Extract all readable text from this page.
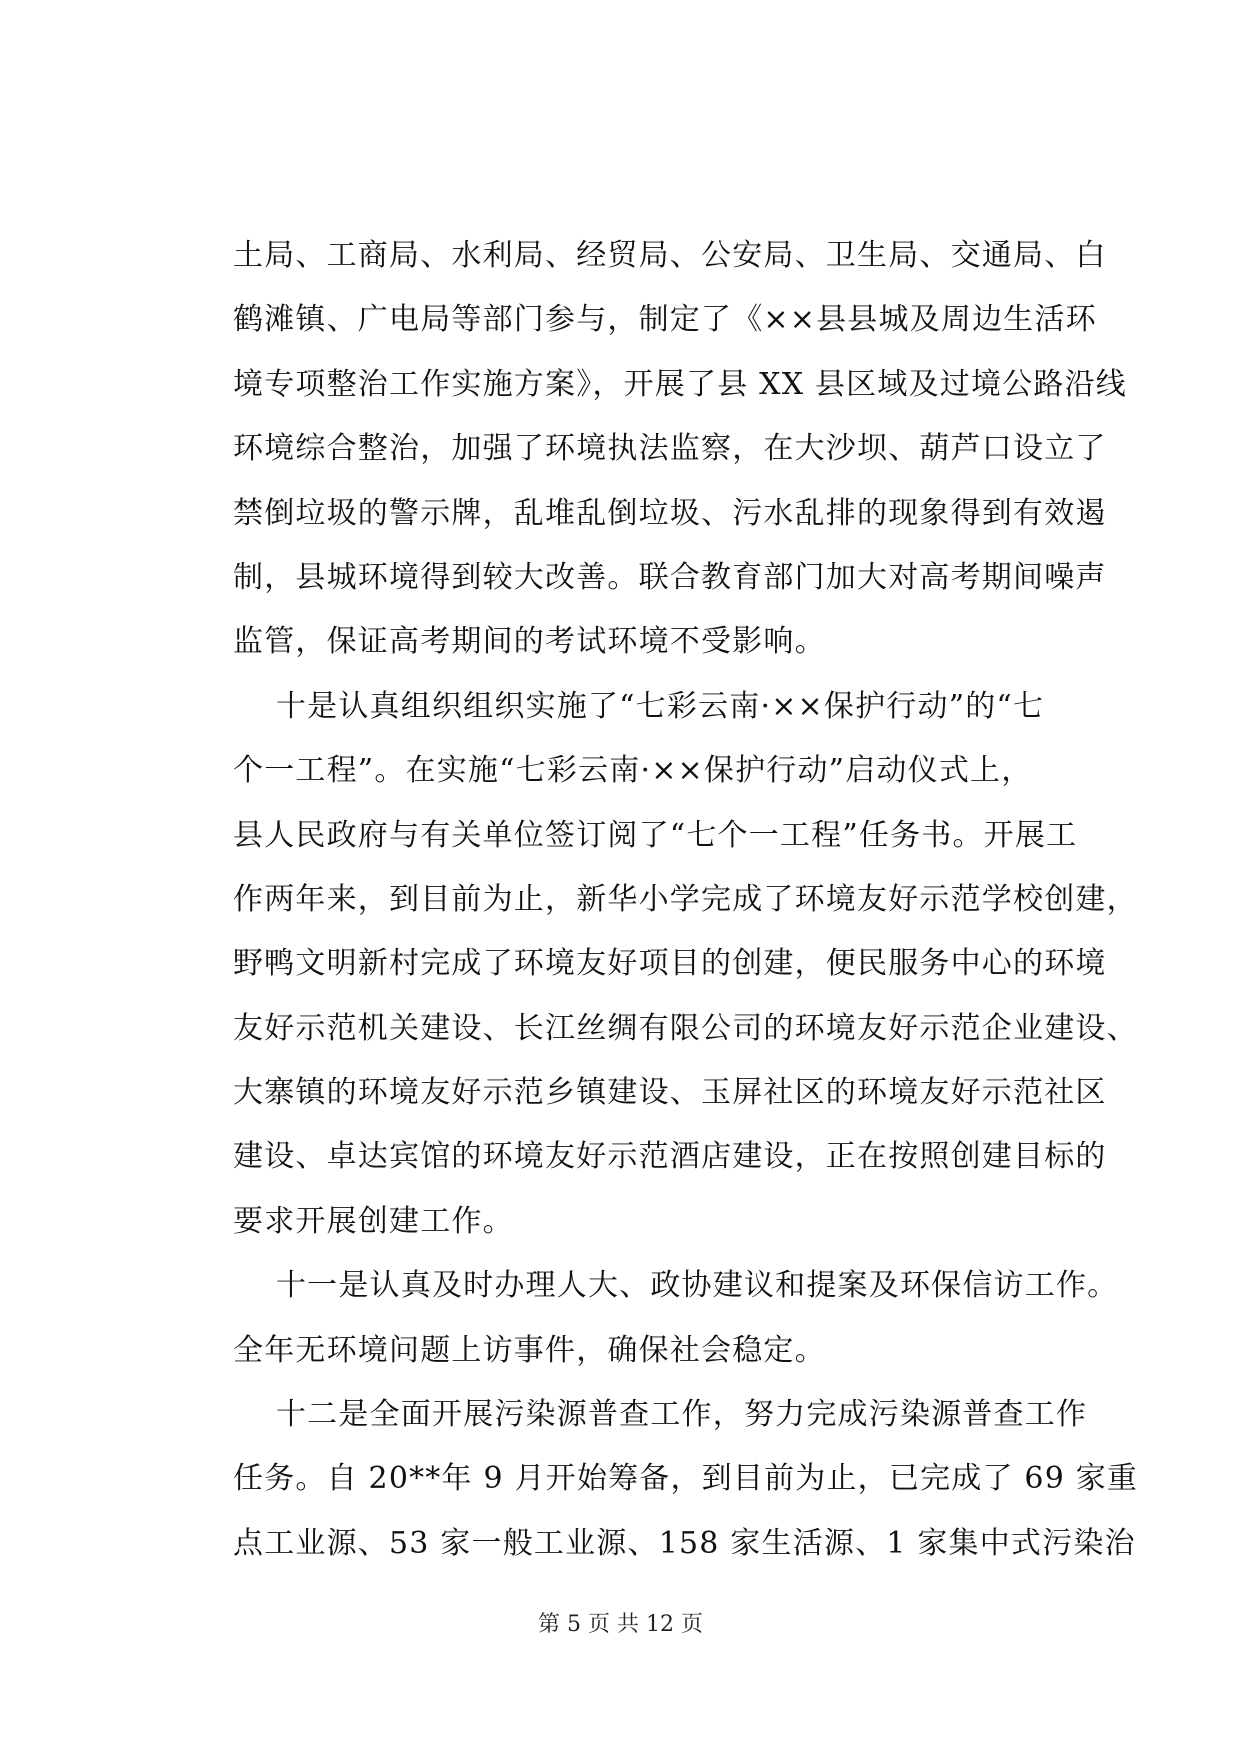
土局、工商局、水利局、经贸局、公安局、卫生局、交通局、白
鹤滩镇、广电局等部门参与，制定了《××县县城及周边生活环
境专项整治工作实施方案》，开展了县 XX 县区域及过境公路沿线
环境综合整治，加强了环境执法监察，在大沙坝、葫芦口设立了
禁倒垃圾的警示牌，乱堆乱倒垃圾、污水乱排的现象得到有效遏
制，县城环境得到较大改善。联合教育部门加大对高考期间噪声
监管，保证高考期间的考试环境不受影响。
十是认真组织组织实施了“七彩云南·××保护行动”的“七
个一工程”。在实施“七彩云南·××保护行动”启动仪式上，
县人民政府与有关单位签订阅了“七个一工程”任务书。开展工
作两年来，到目前为止，新华小学完成了环境友好示范学校创建，
野鸭文明新村完成了环境友好项目的创建，便民服务中心的环境
友好示范机关建设、长江丝绸有限公司的环境友好示范企业建设、
大寨镇的环境友好示范乡镇建设、玉屏社区的环境友好示范社区
建设、卓达宾馆的环境友好示范酒店建设，正在按照创建目标的
要求开展创建工作。
十一是认真及时办理人大、政协建议和提案及环保信访工作。
全年无环境问题上访事件，确保社会稳定。
十二是全面开展污染源普查工作，努力完成污染源普查工作
任务。自 20**年 9 月开始筹备，到目前为止，已完成了 69 家重
点工业源、53 家一般工业源、158 家生活源、1 家集中式污染治
第 5 页 共 12 页
